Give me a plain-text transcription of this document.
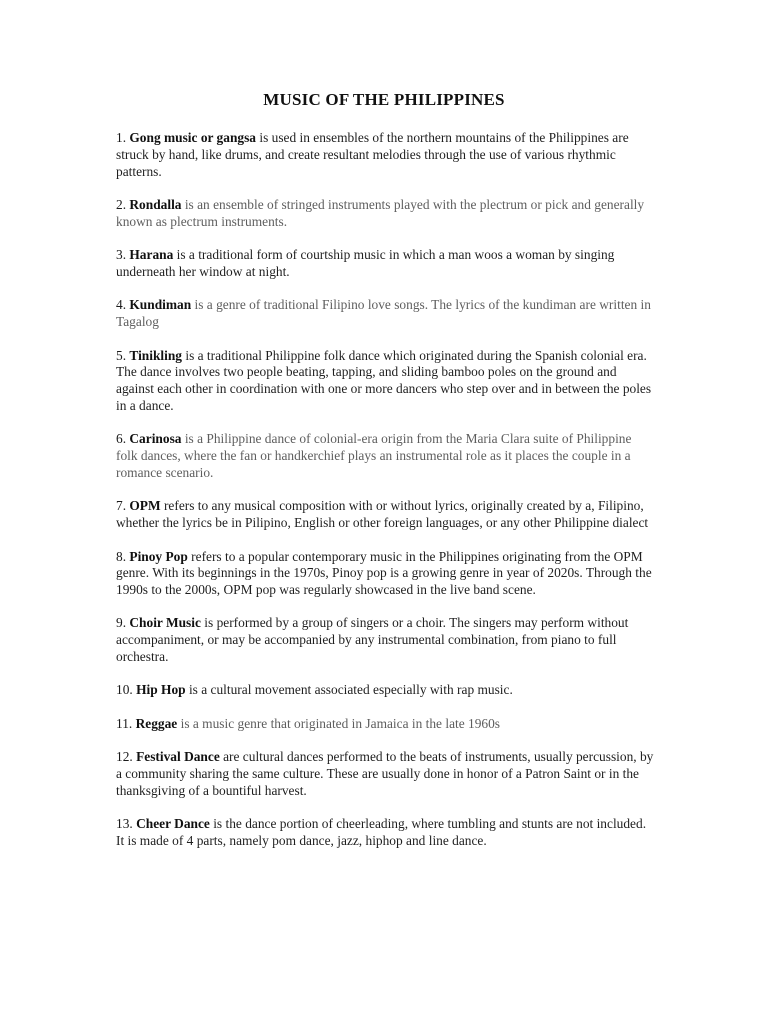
MUSIC OF THE PHILIPPINES
1. Gong music or gangsa is used in ensembles of the northern mountains of the Philippines are struck by hand, like drums, and create resultant melodies through the use of various rhythmic patterns.
2. Rondalla is an ensemble of stringed instruments played with the plectrum or pick and generally known as plectrum instruments.
3. Harana is a traditional form of courtship music in which a man woos a woman by singing underneath her window at night.
4. Kundiman is a genre of traditional Filipino love songs. The lyrics of the kundiman are written in Tagalog
5. Tinikling is a traditional Philippine folk dance which originated during the Spanish colonial era. The dance involves two people beating, tapping, and sliding bamboo poles on the ground and against each other in coordination with one or more dancers who step over and in between the poles in a dance.
6. Carinosa is a Philippine dance of colonial-era origin from the Maria Clara suite of Philippine folk dances, where the fan or handkerchief plays an instrumental role as it places the couple in a romance scenario.
7. OPM refers to any musical composition with or without lyrics, originally created by a, Filipino, whether the lyrics be in Pilipino, English or other foreign languages, or any other Philippine dialect
8. Pinoy Pop refers to a popular contemporary music in the Philippines originating from the OPM genre. With its beginnings in the 1970s, Pinoy pop is a growing genre in year of 2020s. Through the 1990s to the 2000s, OPM pop was regularly showcased in the live band scene.
9. Choir Music is performed by a group of singers or a choir. The singers may perform without accompaniment, or may be accompanied by any instrumental combination, from piano to full orchestra.
10. Hip Hop is a cultural movement associated especially with rap music.
11. Reggae is a music genre that originated in Jamaica in the late 1960s
12. Festival Dance are cultural dances performed to the beats of instruments, usually percussion, by a community sharing the same culture. These are usually done in honor of a Patron Saint or in the thanksgiving of a bountiful harvest.
13. Cheer Dance is the dance portion of cheerleading, where tumbling and stunts are not included. It is made of 4 parts, namely pom dance, jazz, hiphop and line dance.
